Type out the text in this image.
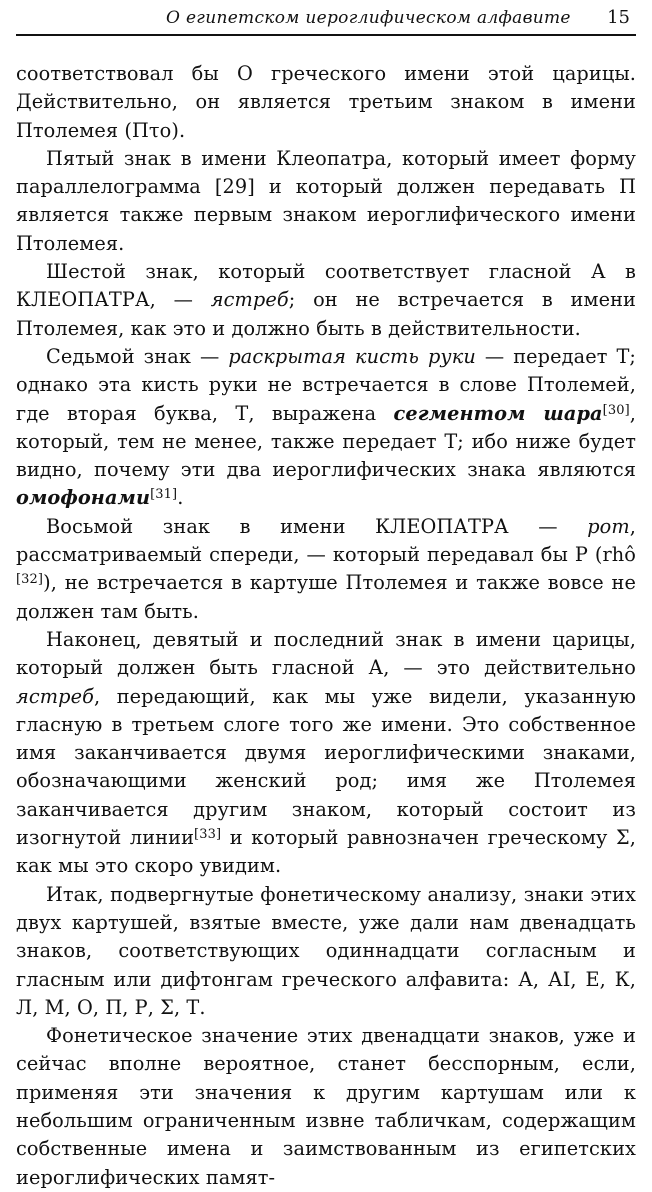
О египетском иероглифическом алфавите 15

соответствовал бы О греческого имени этой царицы. Действительно, он является третьим знаком в имени Птолемея (Пτο).

Пятый знак в имени Клеопатра, который имеет форму параллелограмма [29] и который должен передавать П является также первым знаком иероглифического имени Птолемея.

Шестой знак, который соответствует гласной А в КЛЕОПАТРА, — ястреб; он не встречается в имени Птолемея, как это и должно быть в действительности.

Седьмой знак — раскрытая кисть руки — передает Т; однако эта кисть руки не встречается в слове Птолемей, где вторая буква, Т, выражена сегментом шара[30], который, тем не менее, также передает Т; ибо ниже будет видно, почему эти два иероглифических знака являются омофонами[31].

Восьмой знак в имени КЛЕОПАТРА — рот, рассматриваемый спереди, — который передавал бы Р (rhô [32]), не встречается в картуше Птолемея и также вовсе не должен там быть.

Наконец, девятый и последний знак в имени царицы, который должен быть гласной А, — это действительно ястреб, передающий, как мы уже видели, указанную гласную в третьем слоге того же имени. Это собственное имя заканчивается двумя иероглифическими знаками, обозначающими женский род; имя же Птолемея заканчивается другим знаком, который состоит из изогнутой линии[33] и который равнозначен греческому Σ, как мы это скоро увидим.

Итак, подвергнутые фонетическому анализу, знаки этих двух картушей, взятые вместе, уже дали нам двенадцать знаков, соответствующих одиннадцати согласным и гласным или дифтонгам греческого алфавита: А, АI, Е, К, Л, М, О, П, Р, Σ, Т.

Фонетическое значение этих двенадцати знаков, уже и сейчас вполне вероятное, станет бесспорным, если, применяя эти значения к другим картушам или к небольшим ограниченным извне табличкам, содержащим собственные имена и заимствованным из египетских иероглифических памят-
